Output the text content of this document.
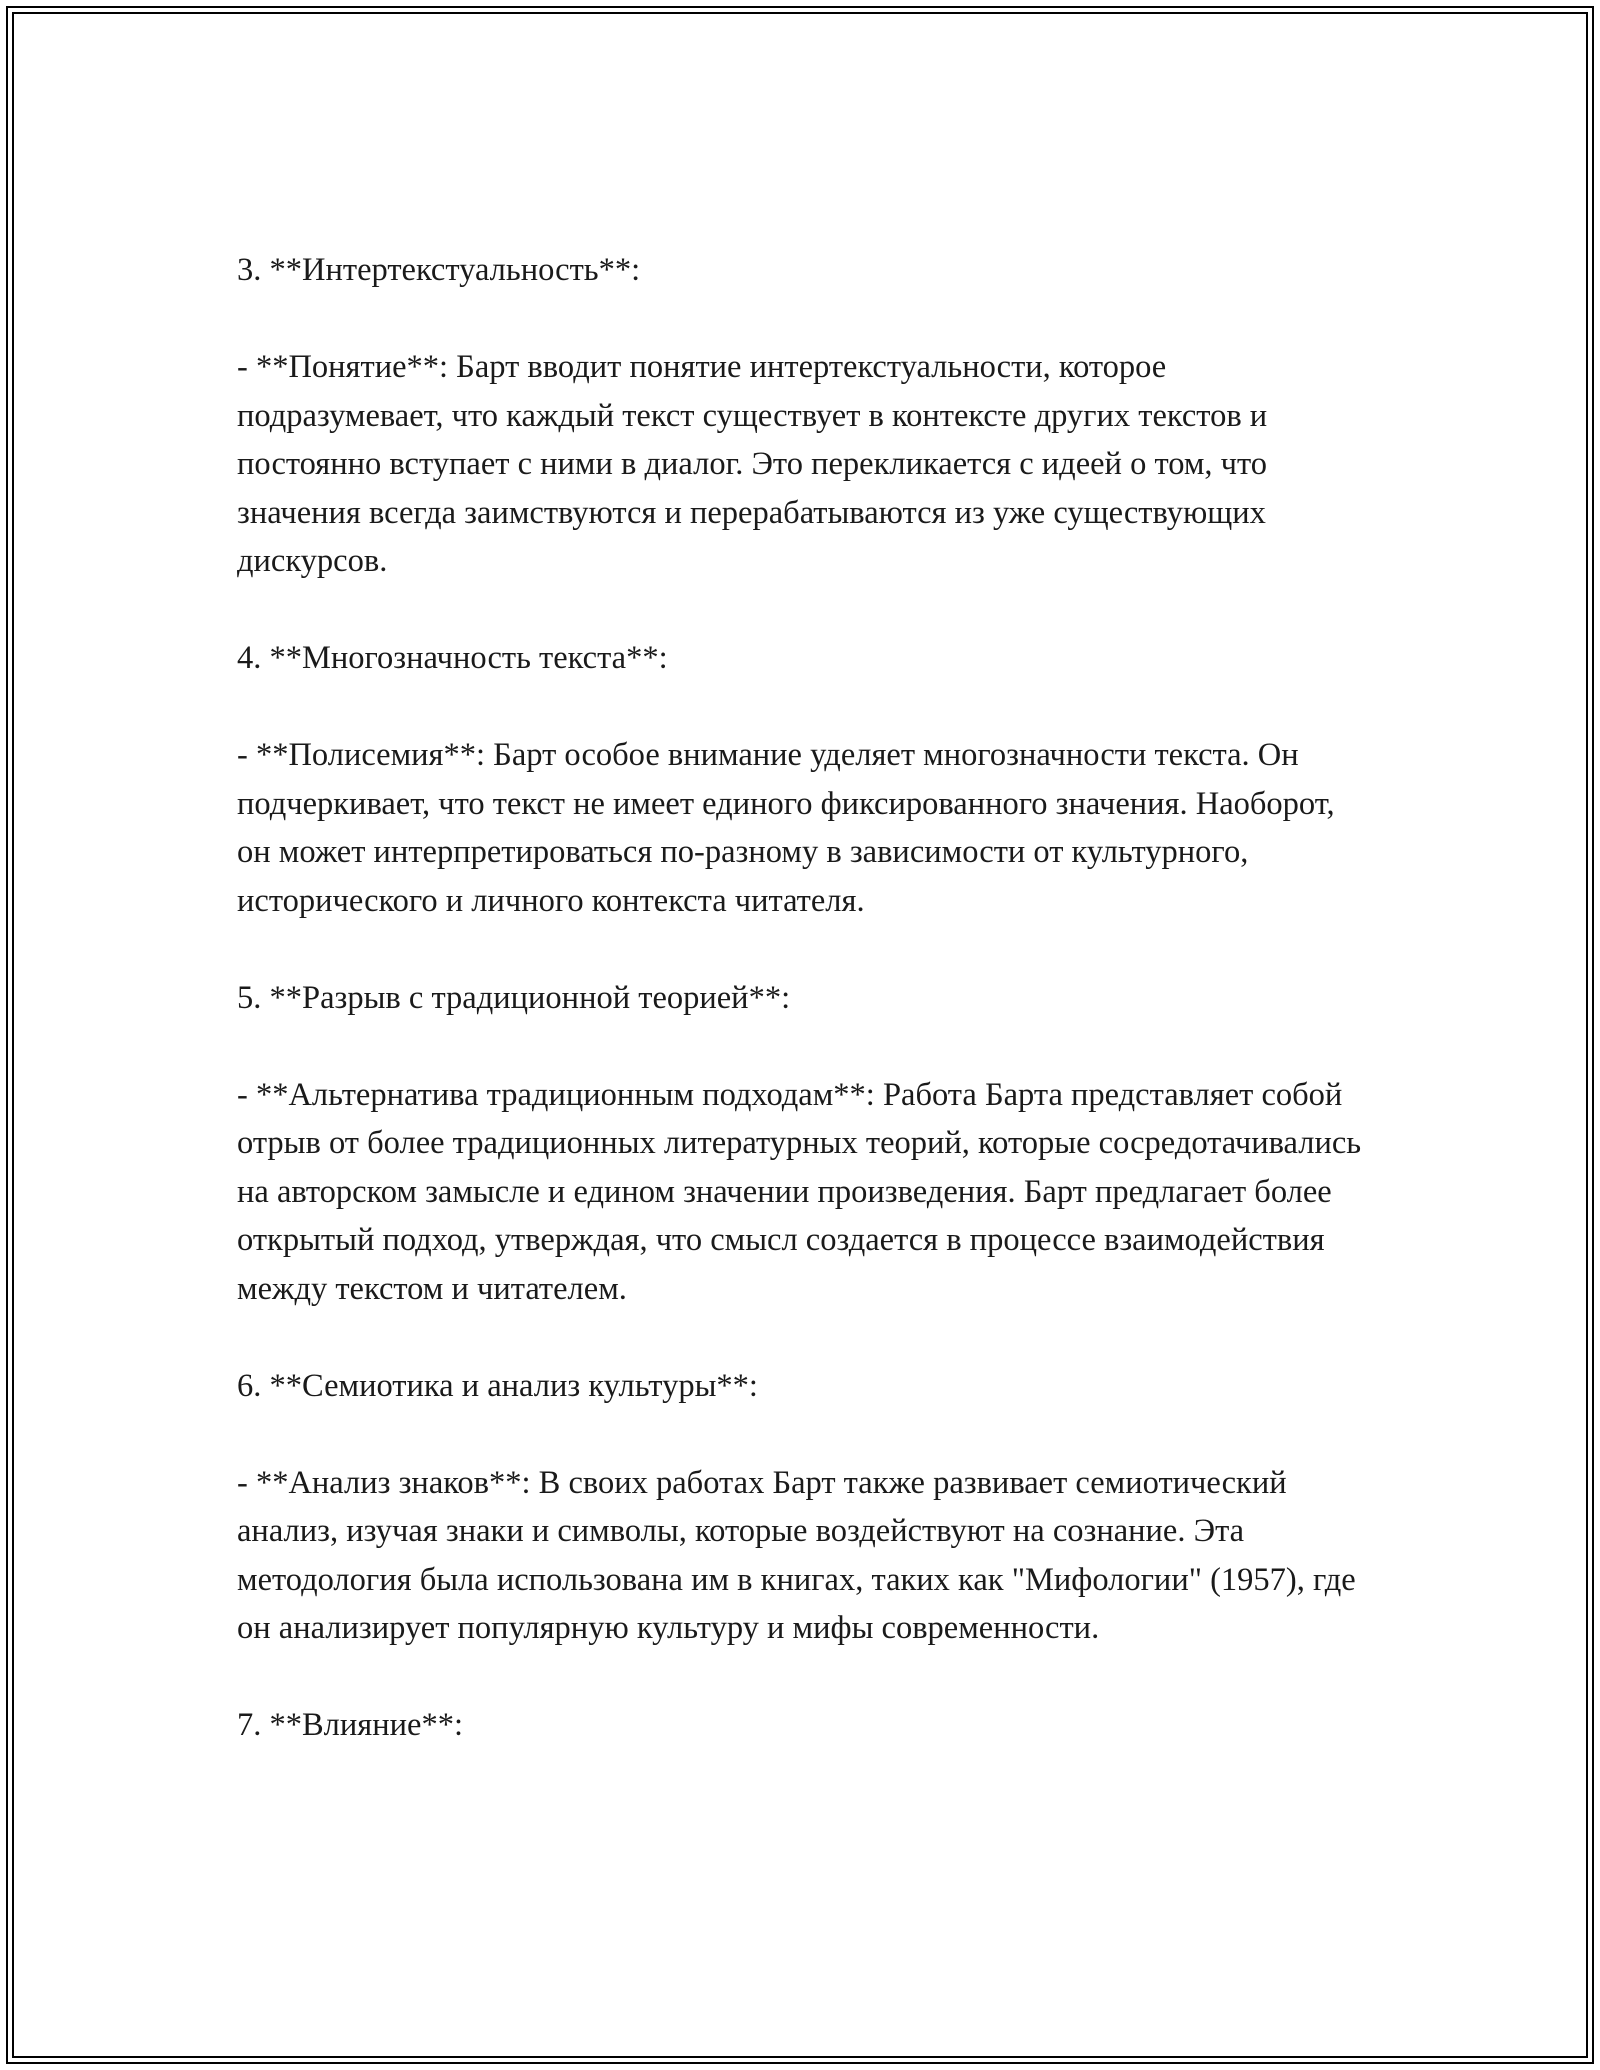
3. **Интертекстуальность**:

- **Понятие**: Барт вводит понятие интертекстуальности, которое подразумевает, что каждый текст существует в контексте других текстов и постоянно вступает с ними в диалог. Это перекликается с идеей о том, что значения всегда заимствуются и перерабатываются из уже существующих дискурсов.

4. **Многозначность текста**:

- **Полисемия**: Барт особое внимание уделяет многозначности текста. Он подчеркивает, что текст не имеет единого фиксированного значения. Наоборот, он может интерпретироваться по-разному в зависимости от культурного, исторического и личного контекста читателя.

5. **Разрыв с традиционной теорией**:

- **Альтернатива традиционным подходам**: Работа Барта представляет собой отрыв от более традиционных литературных теорий, которые сосредотачивались на авторском замысле и едином значении произведения. Барт предлагает более открытый подход, утверждая, что смысл создается в процессе взаимодействия между текстом и читателем.

6. **Семиотика и анализ культуры**:

- **Анализ знаков**: В своих работах Барт также развивает семиотический анализ, изучая знаки и символы, которые воздействуют на сознание. Эта методология была использована им в книгах, таких как "Мифологии" (1957), где он анализирует популярную культуру и мифы современности.

7. **Влияние**:
